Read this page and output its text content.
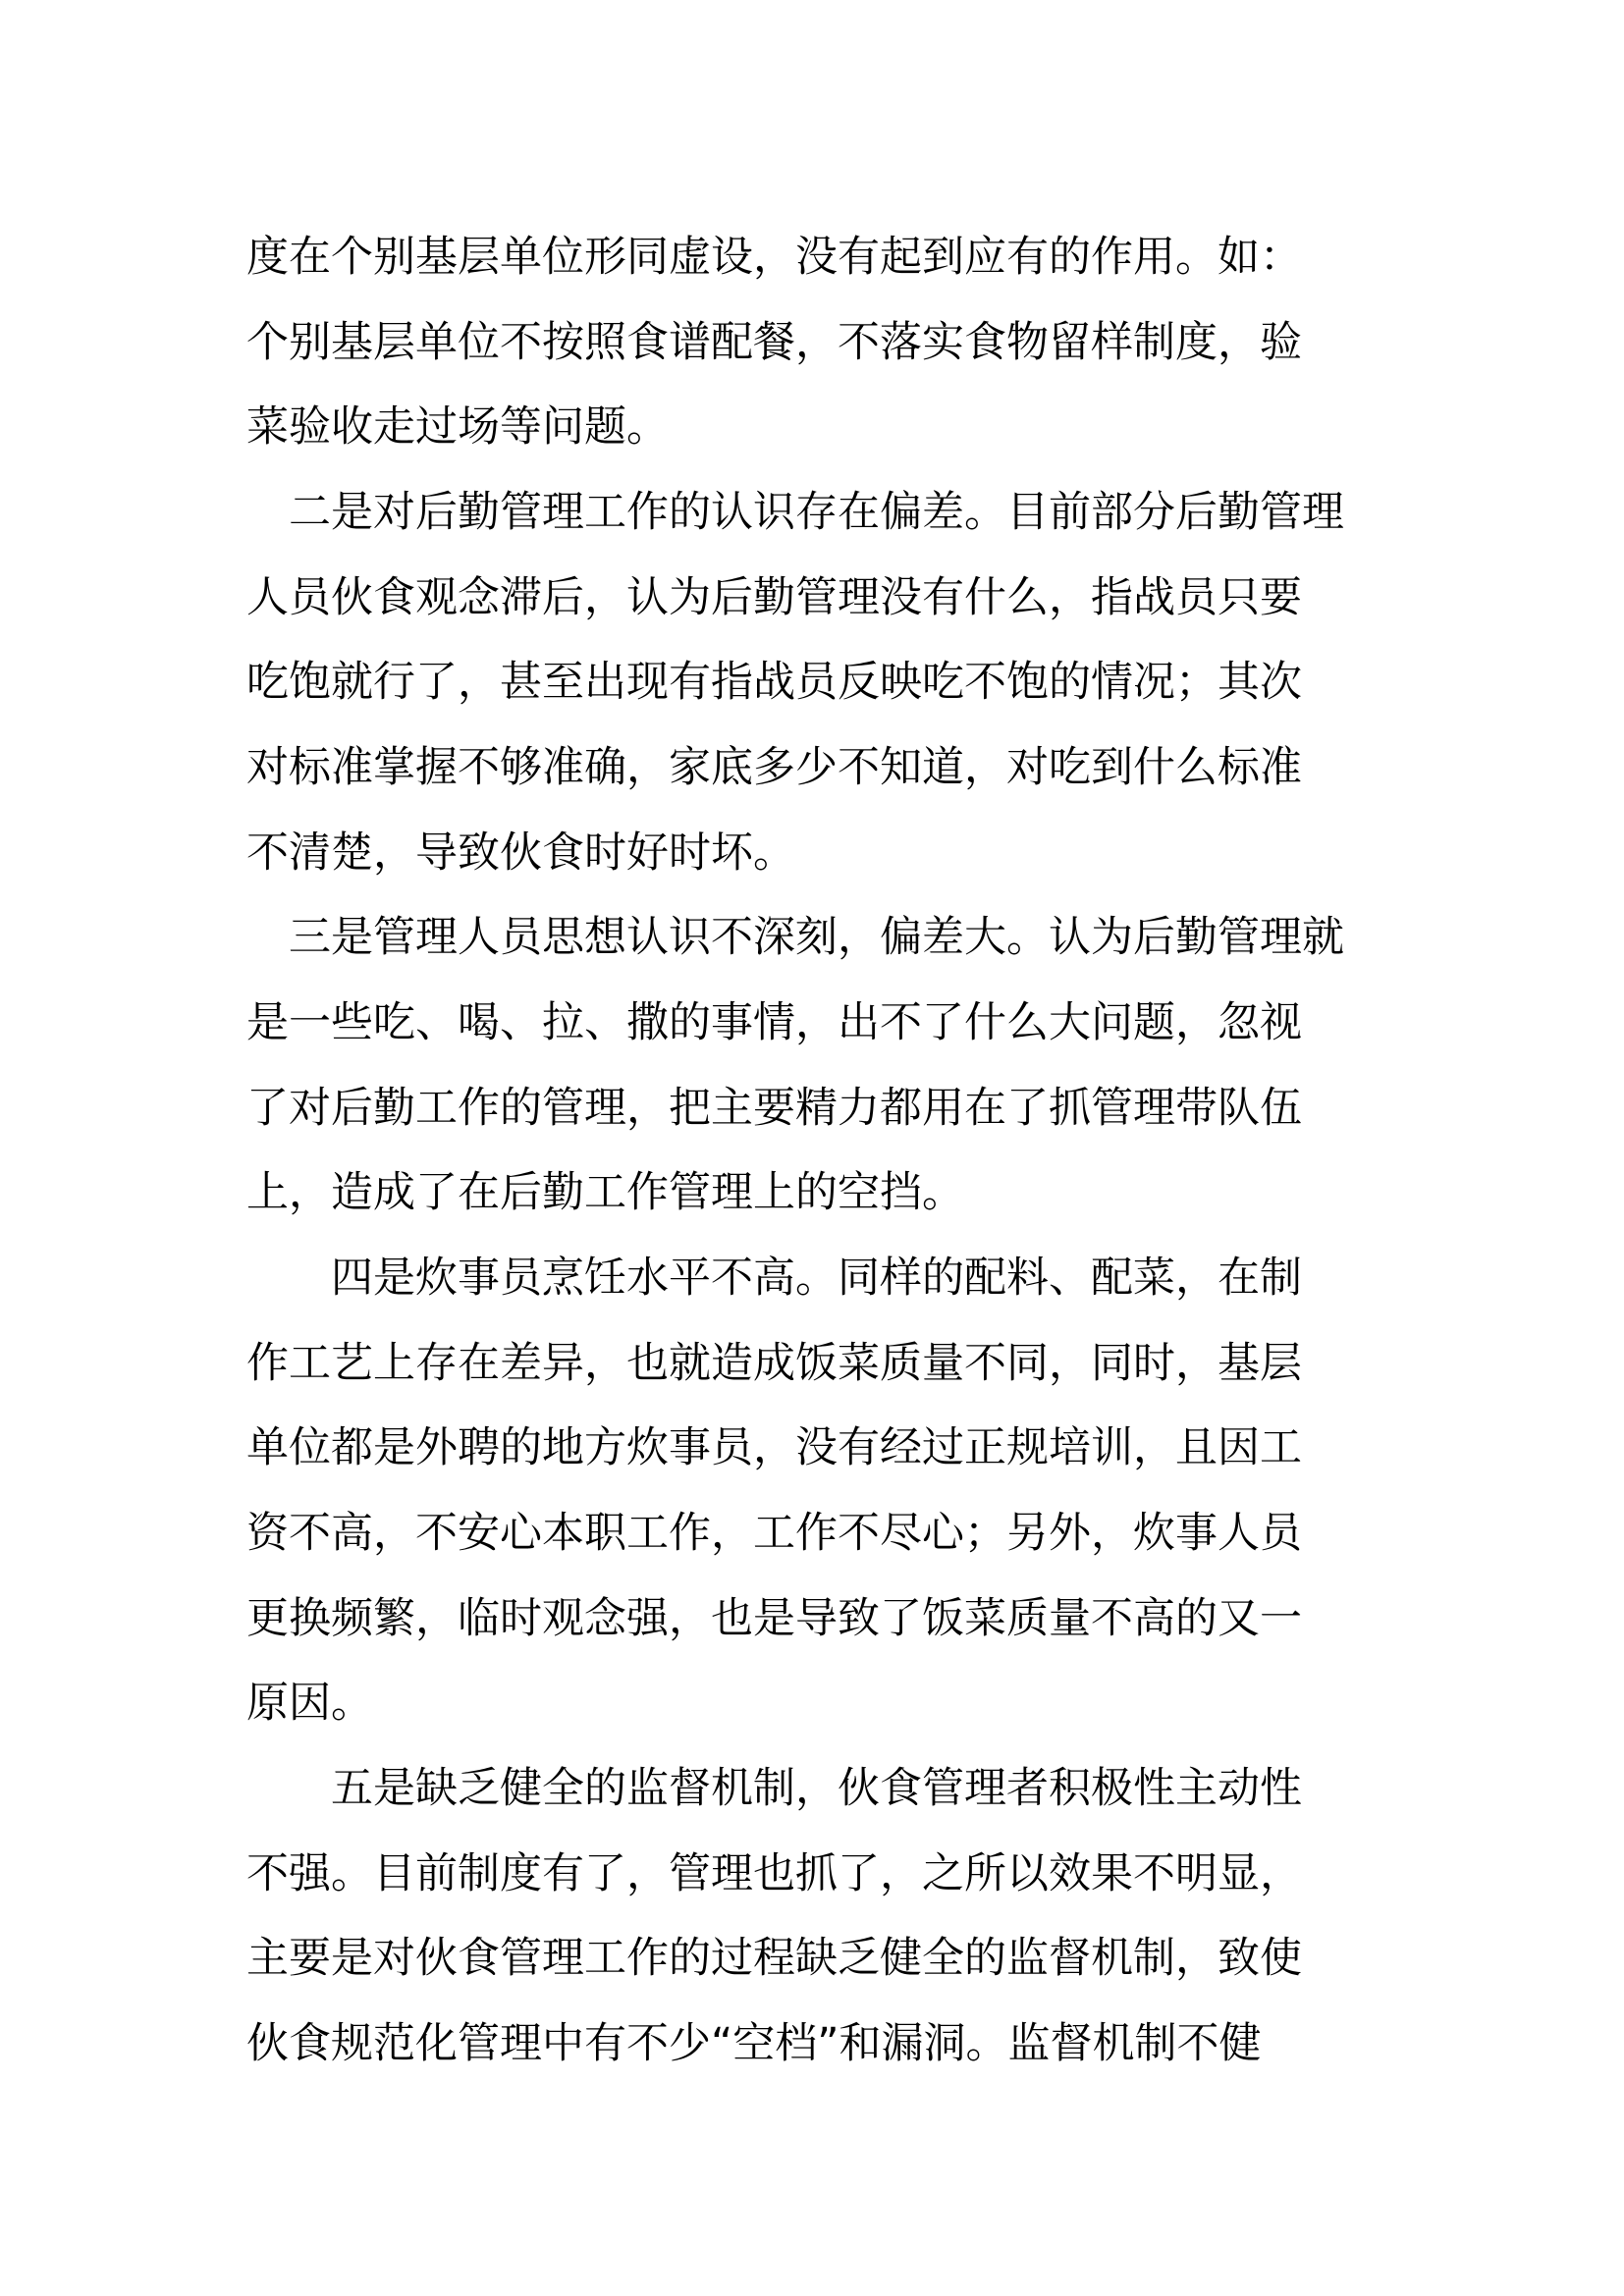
度在个别基层单位形同虚设，没有起到应有的作用。如：
个别基层单位不按照食谱配餐，不落实食物留样制度，验
菜验收走过场等问题。
二是对后勤管理工作的认识存在偏差。目前部分后勤管理
人员伙食观念滞后，认为后勤管理没有什么，指战员只要
吃饱就行了，甚至出现有指战员反映吃不饱的情况；其次
对标准掌握不够准确，家底多少不知道，对吃到什么标准
不清楚，导致伙食时好时坏。
三是管理人员思想认识不深刻，偏差大。认为后勤管理就
是一些吃、喝、拉、撒的事情，出不了什么大问题，忽视
了对后勤工作的管理，把主要精力都用在了抓管理带队伍
上，造成了在后勤工作管理上的空挡。
四是炊事员烹饪水平不高。同样的配料、配菜，在制
作工艺上存在差异，也就造成饭菜质量不同，同时，基层
单位都是外聘的地方炊事员，没有经过正规培训，且因工
资不高，不安心本职工作，工作不尽心；另外，炊事人员
更换频繁，临时观念强，也是导致了饭菜质量不高的又一
原因。
五是缺乏健全的监督机制，伙食管理者积极性主动性
不强。目前制度有了，管理也抓了，之所以效果不明显，
主要是对伙食管理工作的过程缺乏健全的监督机制，致使
伙食规范化管理中有不少“空档”和漏洞。监督机制不健
